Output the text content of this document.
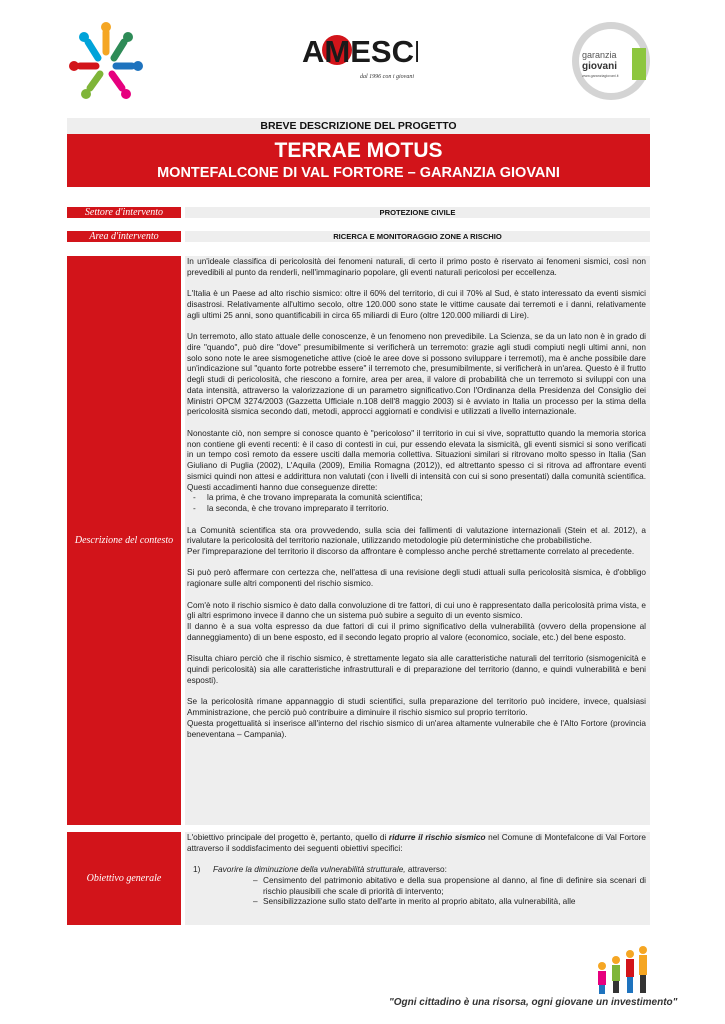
AMESCI
dal 1996 con i giovani
garanzia
giovani
www.garanziagiovani.it
BREVE DESCRIZIONE DEL PROGETTO
TERRAE MOTUS
MONTEFALCONE DI VAL FORTORE – GARANZIA GIOVANI
Settore d'intervento	PROTEZIONE CIVILE
Area d'intervento	RICERCA E MONITORAGGIO ZONE A RISCHIO
Descrizione del contesto

In un'ideale classifica di pericolosità dei fenomeni naturali, di certo il primo posto è riservato ai fenomeni sismici, così non prevedibili al punto da renderli, nell'immaginario popolare, gli eventi naturali pericolosi per eccellenza.

L'Italia è un Paese ad alto rischio sismico: oltre il 60% del territorio, di cui il 70% al Sud, è stato interessato da eventi sismici disastrosi. Relativamente all'ultimo secolo, oltre 120.000 sono state le vittime causate dai terremoti e i danni, relativamente agli ultimi 25 anni, sono quantificabili in circa 65 miliardi di Euro (oltre 120.000 miliardi di Lire).

Un terremoto, allo stato attuale delle conoscenze, è un fenomeno non prevedibile. La Scienza, se da un lato non è in grado di dire "quando", può dire "dove" presumibilmente si verificherà un terremoto: grazie agli studi compiuti negli ultimi anni, non solo sono note le aree sismogenetiche attive (cioè le aree dove si possono sviluppare i terremoti), ma è anche possibile dare un'indicazione sul "quanto forte potrebbe essere" il terremoto che, presumibilmente, si verificherà in un'area. Questo è il frutto degli studi di pericolosità, che riescono a fornire, area per area, il valore di probabilità che un terremoto si sviluppi con una data intensità, attraverso la valorizzazione di un parametro significativo.Con l'Ordinanza della Presidenza del Consiglio dei Ministri OPCM 3274/2003 (Gazzetta Ufficiale n.108 dell'8 maggio 2003) si è avviato in Italia un processo per la stima della pericolosità sismica secondo dati, metodi, approcci aggiornati e condivisi e utilizzati a livello internazionale.

Nonostante ciò, non sempre si conosce quanto è "pericoloso" il territorio in cui si vive, soprattutto quando la memoria storica non contiene gli eventi recenti: è il caso di contesti in cui, pur essendo elevata la sismicità, gli eventi sismici si sono verificati in un tempo così remoto da essere usciti dalla memoria collettiva. Situazioni similari si ritrovano molto spesso in Italia (San Giuliano di Puglia (2002), L'Aquila (2009), Emilia Romagna (2012)), ed altrettanto spesso ci si ritrova ad affrontare eventi sismici quindi non attesi e addirittura non valutati (con i livelli di intensità con cui si sono presentati) dalla comunità scientifica. Questi accadimenti hanno due conseguenze dirette:

- la prima, è che trovano impreparata la comunità scientifica;
- la seconda, è che trovano impreparato il territorio.

La Comunità scientifica sta ora provvedendo, sulla scia dei fallimenti di valutazione internazionali (Stein et al. 2012), a rivalutare la pericolosità del territorio nazionale, utilizzando metodologie più deterministiche che probabilistiche.

Per l'impreparazione del territorio il discorso da affrontare è complesso anche perché strettamente correlato al precedente.

Si può però affermare con certezza che, nell'attesa di una revisione degli studi attuali sulla pericolosità sismica, è d'obbligo ragionare sulle altri componenti del rischio sismico.

Com'è noto il rischio sismico è dato dalla convoluzione di tre fattori, di cui uno è rappresentato dalla pericolosità prima vista, e gli altri esprimono invece il danno che un sistema può subire a seguito di un evento sismico.

Il danno è a sua volta espresso da due fattori di cui il primo significativo della vulnerabilità (ovvero della propensione al danneggiamento) di un bene esposto, ed il secondo legato proprio al valore (economico, sociale, etc.) del bene esposto.

Risulta chiaro perciò che il rischio sismico, è strettamente legato sia alle caratteristiche naturali del territorio (sismogenicità e quindi pericolosità) sia alle caratteristiche infrastrutturali e di preparazione del territorio (danno, e quindi vulnerabilità e beni esposti).

Se la pericolosità rimane appannaggio di studi scientifici, sulla preparazione del territorio può incidere, invece, qualsiasi Amministrazione, che perciò può contribuire a diminuire il rischio sismico sul proprio territorio.

Questa progettualità si inserisce all'interno del rischio sismico di un'area altamente vulnerabile che è l'Alto Fortore (provincia beneventana – Campania).

Obiettivo generale

L'obiettivo principale del progetto è, pertanto, quello di ridurre il rischio sismico nel Comune di Montefalcone di Val Fortore attraverso il soddisfacimento dei seguenti obiettivi specifici:

1) Favorire la diminuzione della vulnerabilità strutturale, attraverso:
– Censimento del patrimonio abitativo e della sua propensione al danno, al fine di definire sia scenari di rischio plausibili che scale di priorità di intervento;
– Sensibilizzazione sullo stato dell'arte in merito al proprio abitato, alla vulnerabilità, alle
"Ogni cittadino è una risorsa, ogni giovane un investimento"
